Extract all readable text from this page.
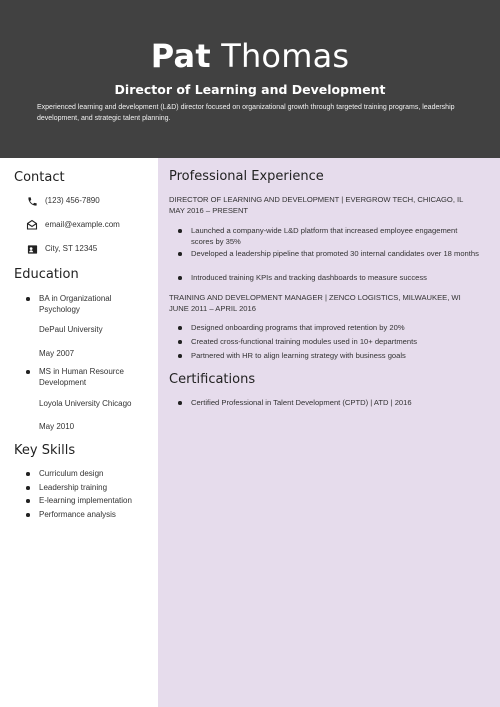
Pat Thomas
Director of Learning and Development
Experienced learning and development (L&D) director focused on organizational growth through targeted training programs, leadership development, and strategic talent planning.
Contact
(123) 456-7890
email@example.com
City, ST 12345
Education
BA in Organizational Psychology
DePaul University
May 2007
MS in Human Resource Development
Loyola University Chicago
May 2010
Key Skills
Curriculum design
Leadership training
E-learning implementation
Performance analysis
Professional Experience
DIRECTOR OF LEARNING AND DEVELOPMENT | EVERGROW TECH, CHICAGO, IL
MAY 2016 – PRESENT
Launched a company-wide L&D platform that increased employee engagement scores by 35%
Developed a leadership pipeline that promoted 30 internal candidates over 18 months
Introduced training KPIs and tracking dashboards to measure success
TRAINING AND DEVELOPMENT MANAGER | ZENCO LOGISTICS, MILWAUKEE, WI
JUNE 2011 – APRIL 2016
Designed onboarding programs that improved retention by 20%
Created cross-functional training modules used in 10+ departments
Partnered with HR to align learning strategy with business goals
Certifications
Certified Professional in Talent Development (CPTD) | ATD | 2016
